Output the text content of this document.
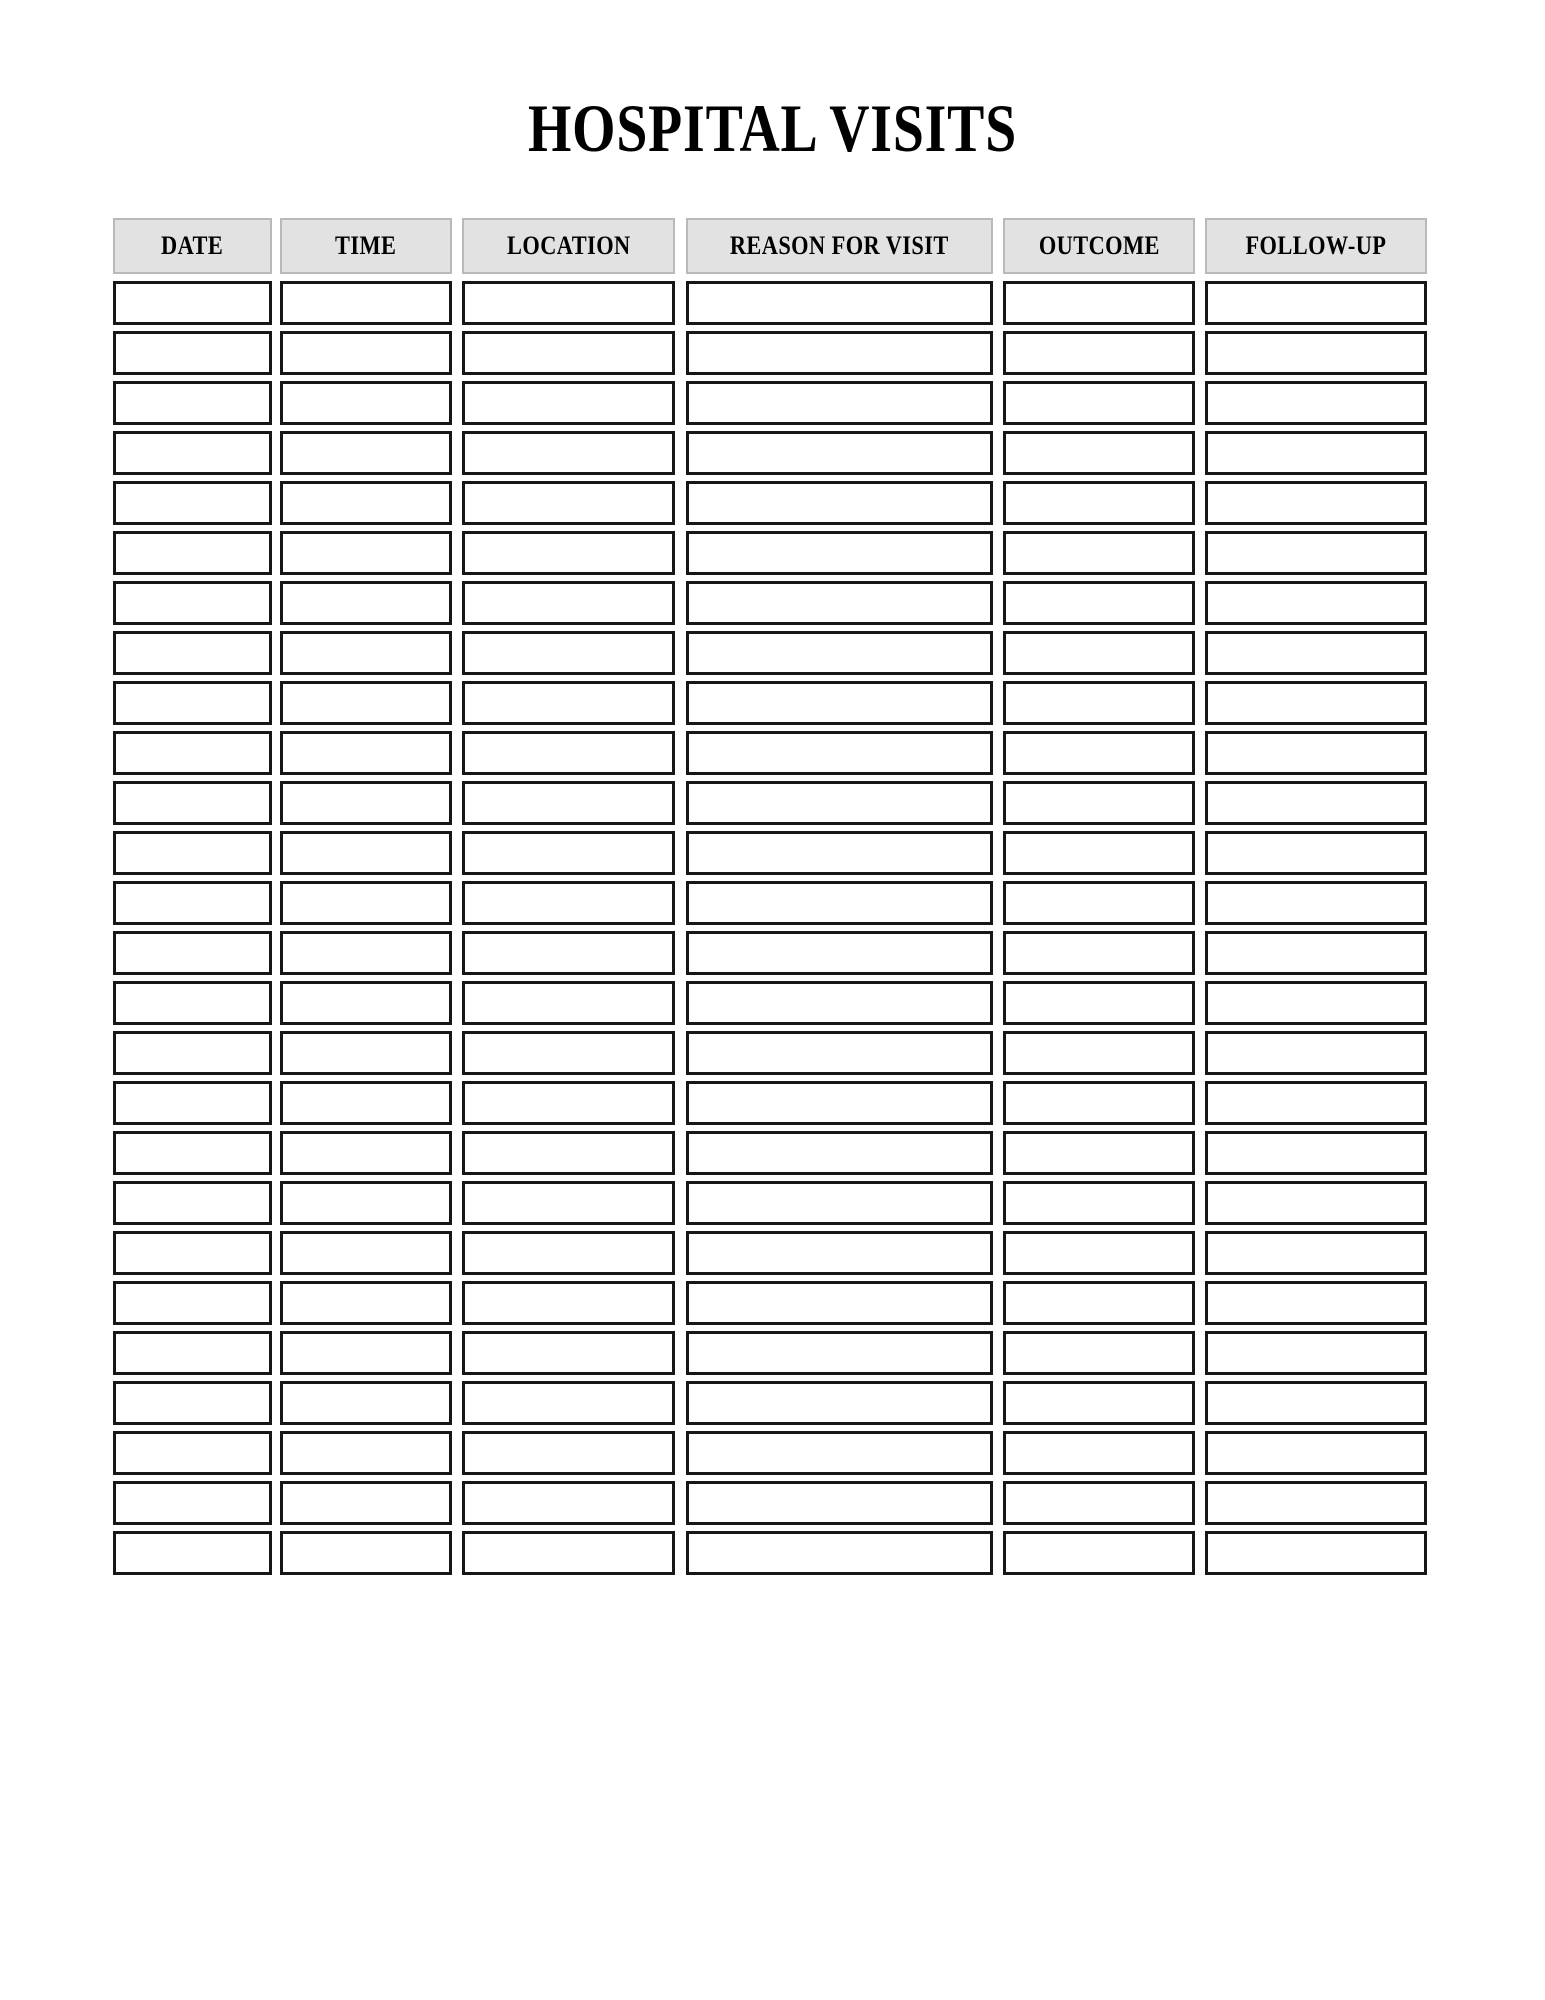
HOSPITAL VISITS
DATE	TIME	LOCATION	REASON FOR VISIT	OUTCOME	FOLLOW-UP
